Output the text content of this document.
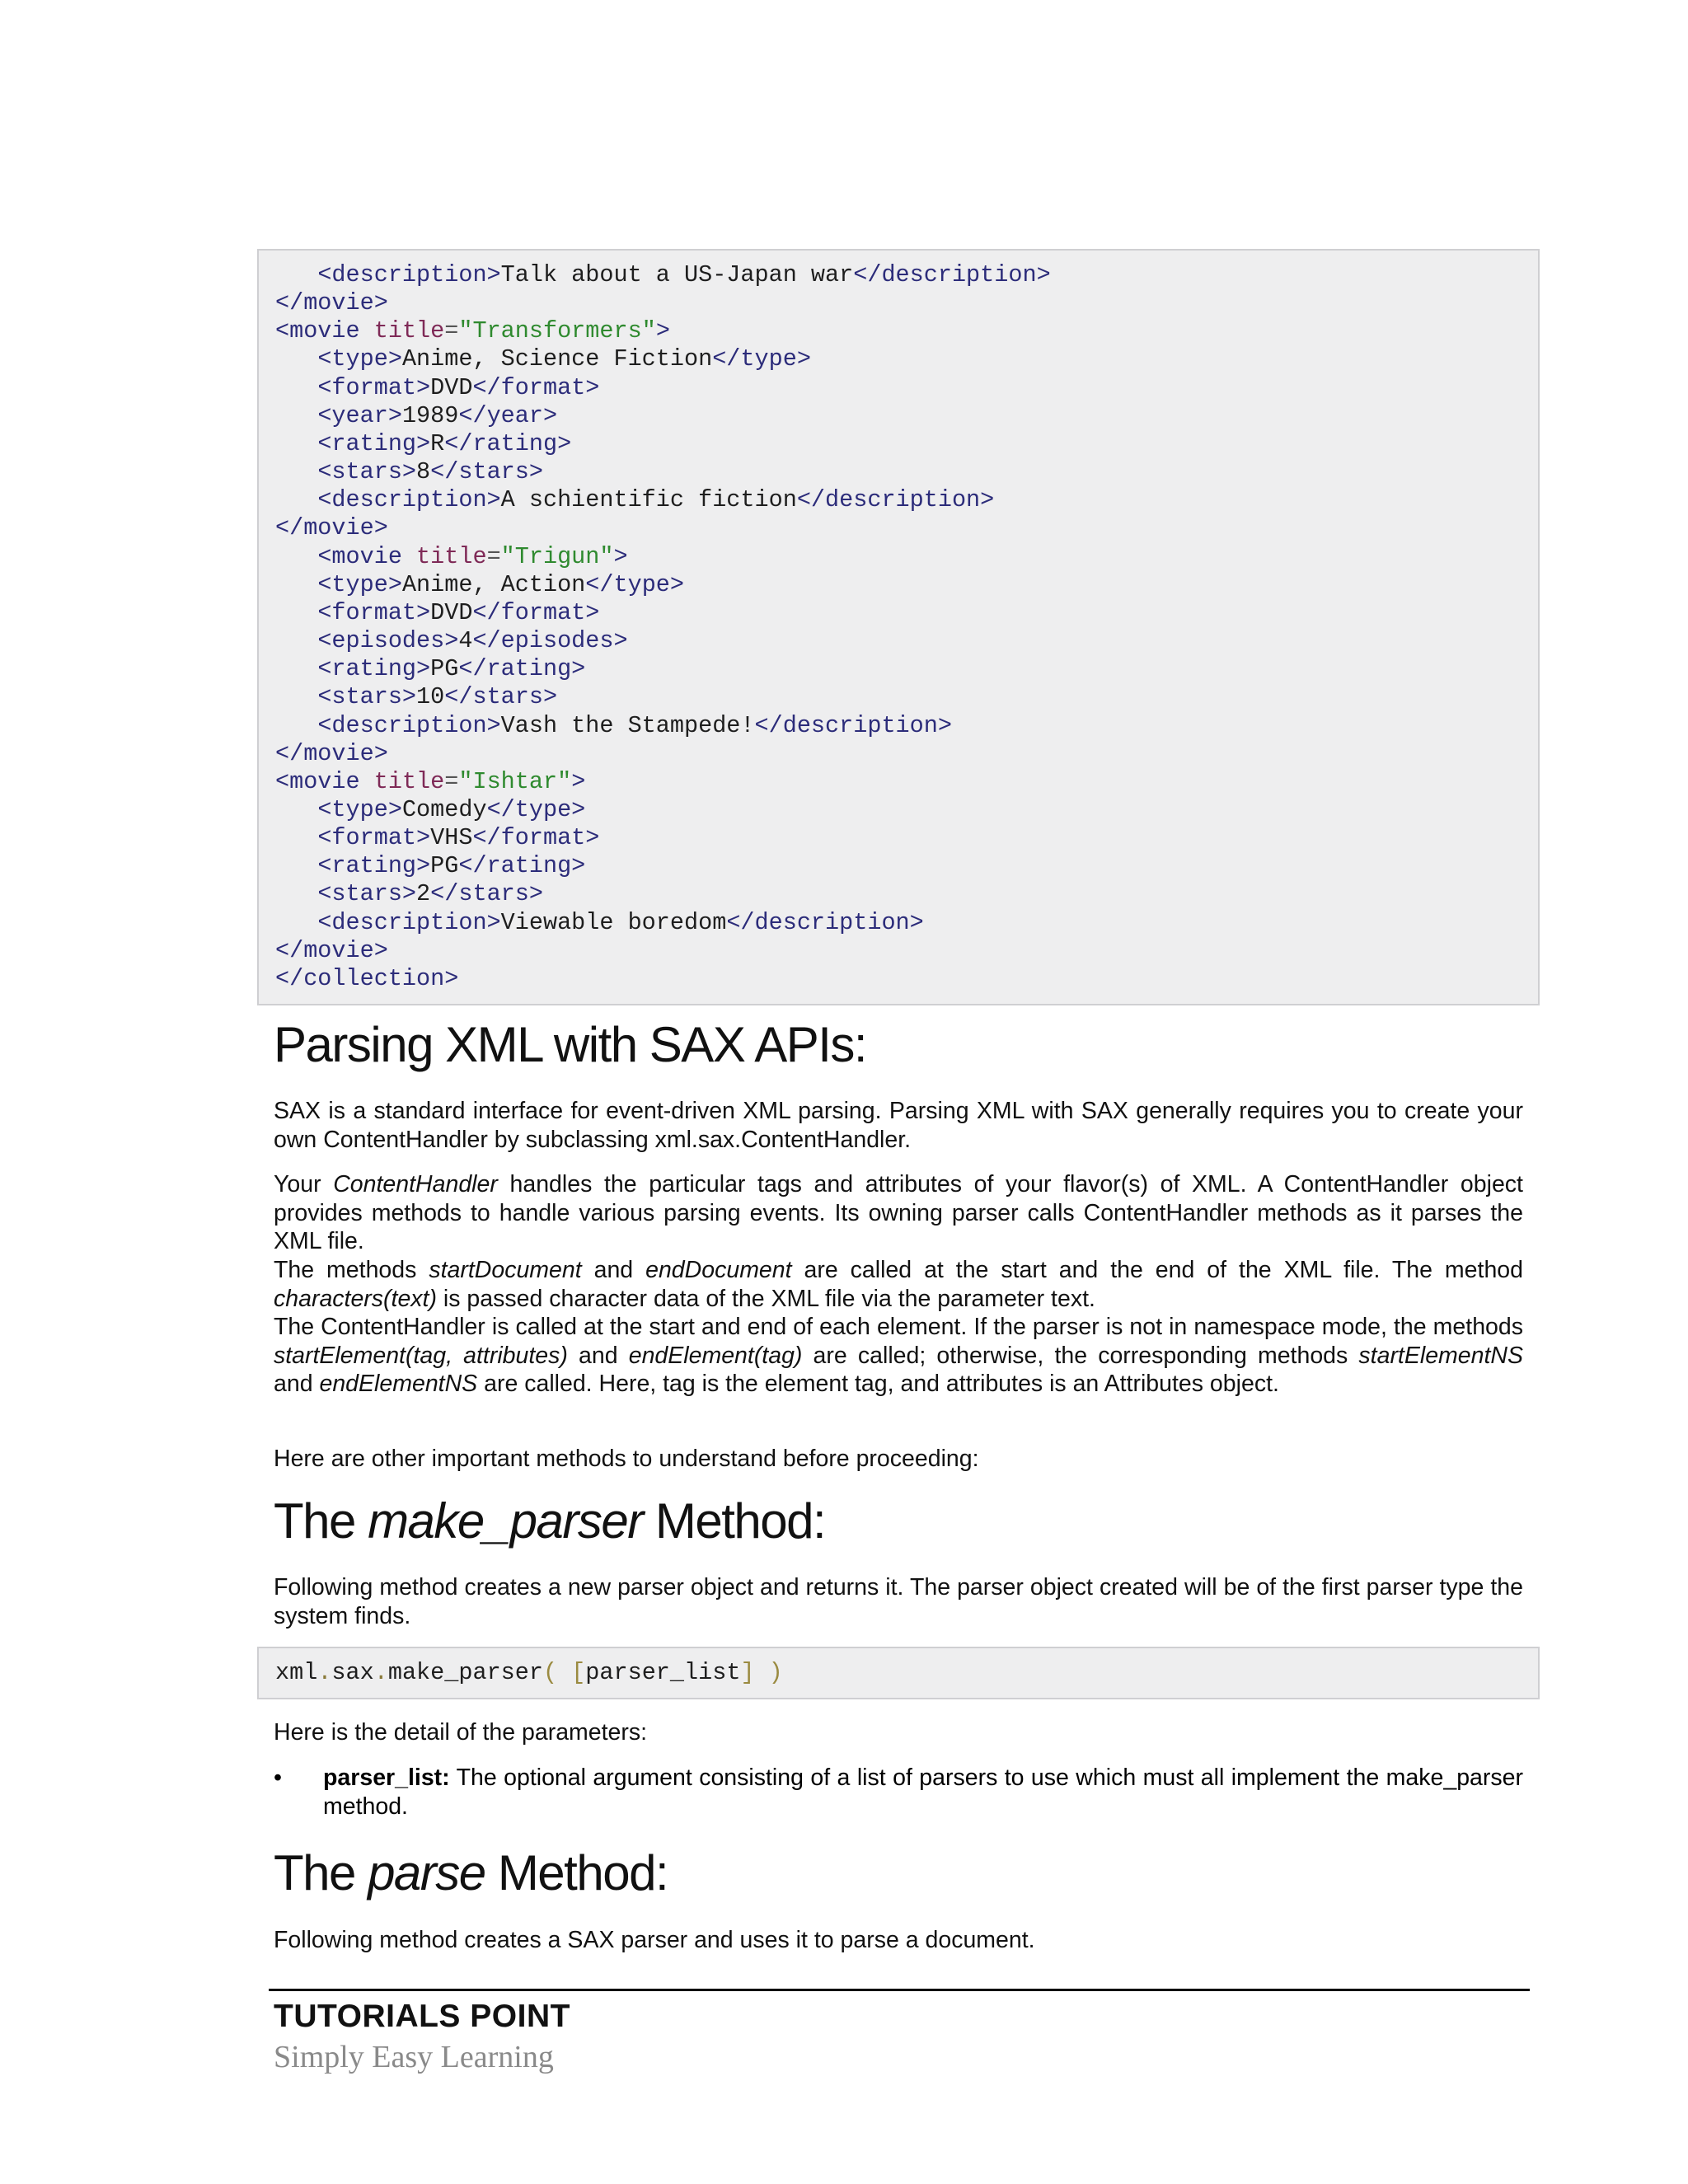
<description>Talk about a US-Japan war</description>
</movie>
<movie title="Transformers">
<type>Anime, Science Fiction</type>
<format>DVD</format>
<year>1989</year>
<rating>R</rating>
<stars>8</stars>
<description>A schientific fiction</description>
</movie>
<movie title="Trigun">
<type>Anime, Action</type>
<format>DVD</format>
<episodes>4</episodes>
<rating>PG</rating>
<stars>10</stars>
<description>Vash the Stampede!</description>
</movie>
<movie title="Ishtar">
<type>Comedy</type>
<format>VHS</format>
<rating>PG</rating>
<stars>2</stars>
<description>Viewable boredom</description>
</movie>
</collection>
Parsing XML with SAX APIs:

SAX is a standard interface for event-driven XML parsing. Parsing XML with SAX generally requires you to create your own ContentHandler by subclassing xml.sax.ContentHandler.

Your ContentHandler handles the particular tags and attributes of your flavor(s) of XML. A ContentHandler object provides methods to handle various parsing events. Its owning parser calls ContentHandler methods as it parses the XML file.

The methods startDocument and endDocument are called at the start and the end of the XML file. The method characters(text) is passed character data of the XML file via the parameter text.

The ContentHandler is called at the start and end of each element. If the parser is not in namespace mode, the methods startElement(tag, attributes) and endElement(tag) are called; otherwise, the corresponding methods startElementNS and endElementNS are called. Here, tag is the element tag, and attributes is an Attributes object.

Here are other important methods to understand before proceeding:

The make_parser Method:

Following method creates a new parser object and returns it. The parser object created will be of the first parser type the system finds.

xml.sax.make_parser( [parser_list] )

Here is the detail of the parameters:

• parser_list: The optional argument consisting of a list of parsers to use which must all implement the make_parser method.

The parse Method:

Following method creates a SAX parser and uses it to parse a document.

TUTORIALS POINT
Simply Easy Learning
